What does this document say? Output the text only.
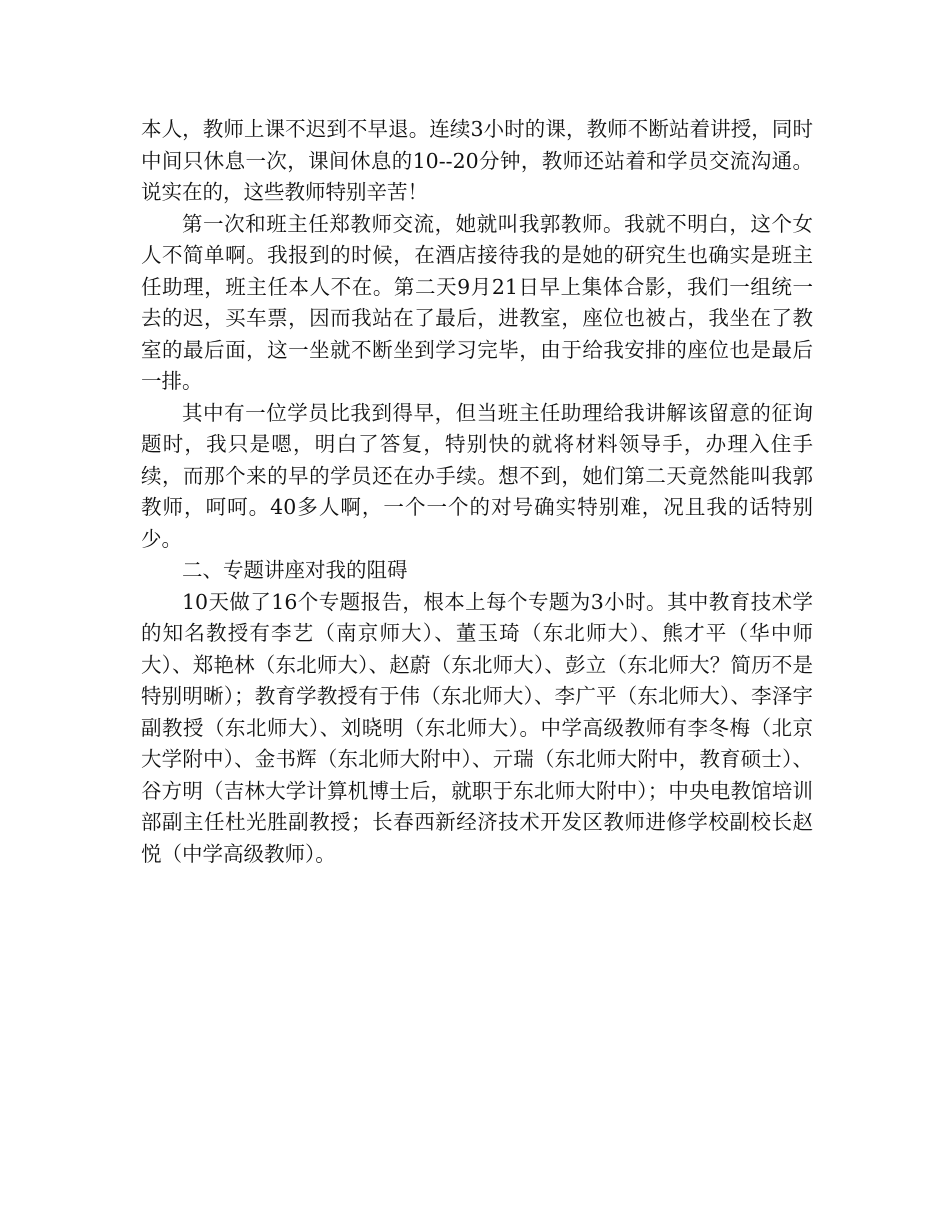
本人，教师上课不迟到不早退。连续3小时的课，教师不断站着讲授，同时中间只休息一次，课间休息的10--20分钟，教师还站着和学员交流沟通。说实在的，这些教师特别辛苦！

第一次和班主任郑教师交流，她就叫我郭教师。我就不明白，这个女人不简单啊。我报到的时候，在酒店接待我的是她的研究生也确实是班主任助理，班主任本人不在。第二天9月21日早上集体合影，我们一组统一去的迟，买车票，因而我站在了最后，进教室，座位也被占，我坐在了教室的最后面，这一坐就不断坐到学习完毕，由于给我安排的座位也是最后一排。

其中有一位学员比我到得早，但当班主任助理给我讲解该留意的征询题时，我只是嗯，明白了答复，特别快的就将材料领导手，办理入住手续，而那个来的早的学员还在办手续。想不到，她们第二天竟然能叫我郭教师，呵呵。40多人啊，一个一个的对号确实特别难，况且我的话特别少。

二、专题讲座对我的阻碍

10天做了16个专题报告，根本上每个专题为3小时。其中教育技术学的知名教授有李艺（南京师大）、董玉琦（东北师大）、熊才平（华中师大）、郑艳林（东北师大）、赵蔚（东北师大）、彭立（东北师大？简历不是特别明晰）；教育学教授有于伟（东北师大）、李广平（东北师大）、李泽宇副教授（东北师大）、刘晓明（东北师大）。中学高级教师有李冬梅（北京大学附中）、金书辉（东北师大附中）、亓瑞（东北师大附中，教育硕士）、谷方明（吉林大学计算机博士后，就职于东北师大附中）；中央电教馆培训部副主任杜光胜副教授；长春西新经济技术开发区教师进修学校副校长赵悦（中学高级教师）。
